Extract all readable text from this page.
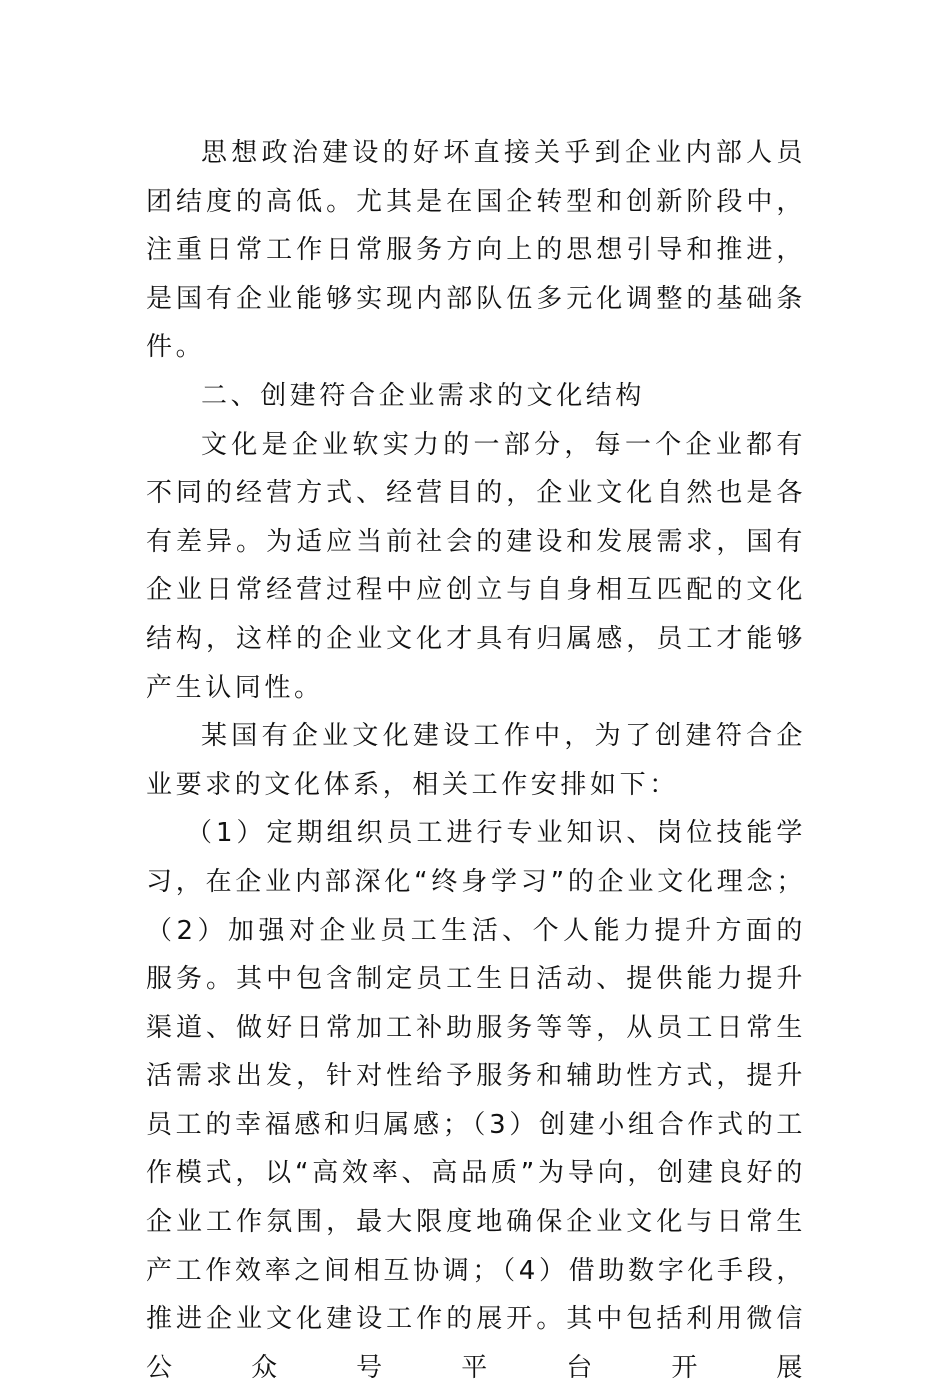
思想政治建设的好坏直接关乎到企业内部人员团结度的高低。尤其是在国企转型和创新阶段中，注重日常工作日常服务方向上的思想引导和推进，是国有企业能够实现内部队伍多元化调整的基础条件。

二、创建符合企业需求的文化结构

文化是企业软实力的一部分，每一个企业都有不同的经营方式、经营目的，企业文化自然也是各有差异。为适应当前社会的建设和发展需求，国有企业日常经营过程中应创立与自身相互匹配的文化结构，这样的企业文化才具有归属感，员工才能够产生认同性。

某国有企业文化建设工作中，为了创建符合企业要求的文化体系，相关工作安排如下：

（1）定期组织员工进行专业知识、岗位技能学习，在企业内部深化“终身学习”的企业文化理念；（2）加强对企业员工生活、个人能力提升方面的服务。其中包含制定员工生日活动、提供能力提升渠道、做好日常加工补助服务等等，从员工日常生活需求出发，针对性给予服务和辅助性方式，提升员工的幸福感和归属感；（3）创建小组合作式的工作模式，以“高效率、高品质”为导向，创建良好的企业工作氛围，最大限度地确保企业文化与日常生产工作效率之间相互协调；（4）借助数字化手段，推进企业文化建设工作的展开。其中包括利用微信公众号平台开展
